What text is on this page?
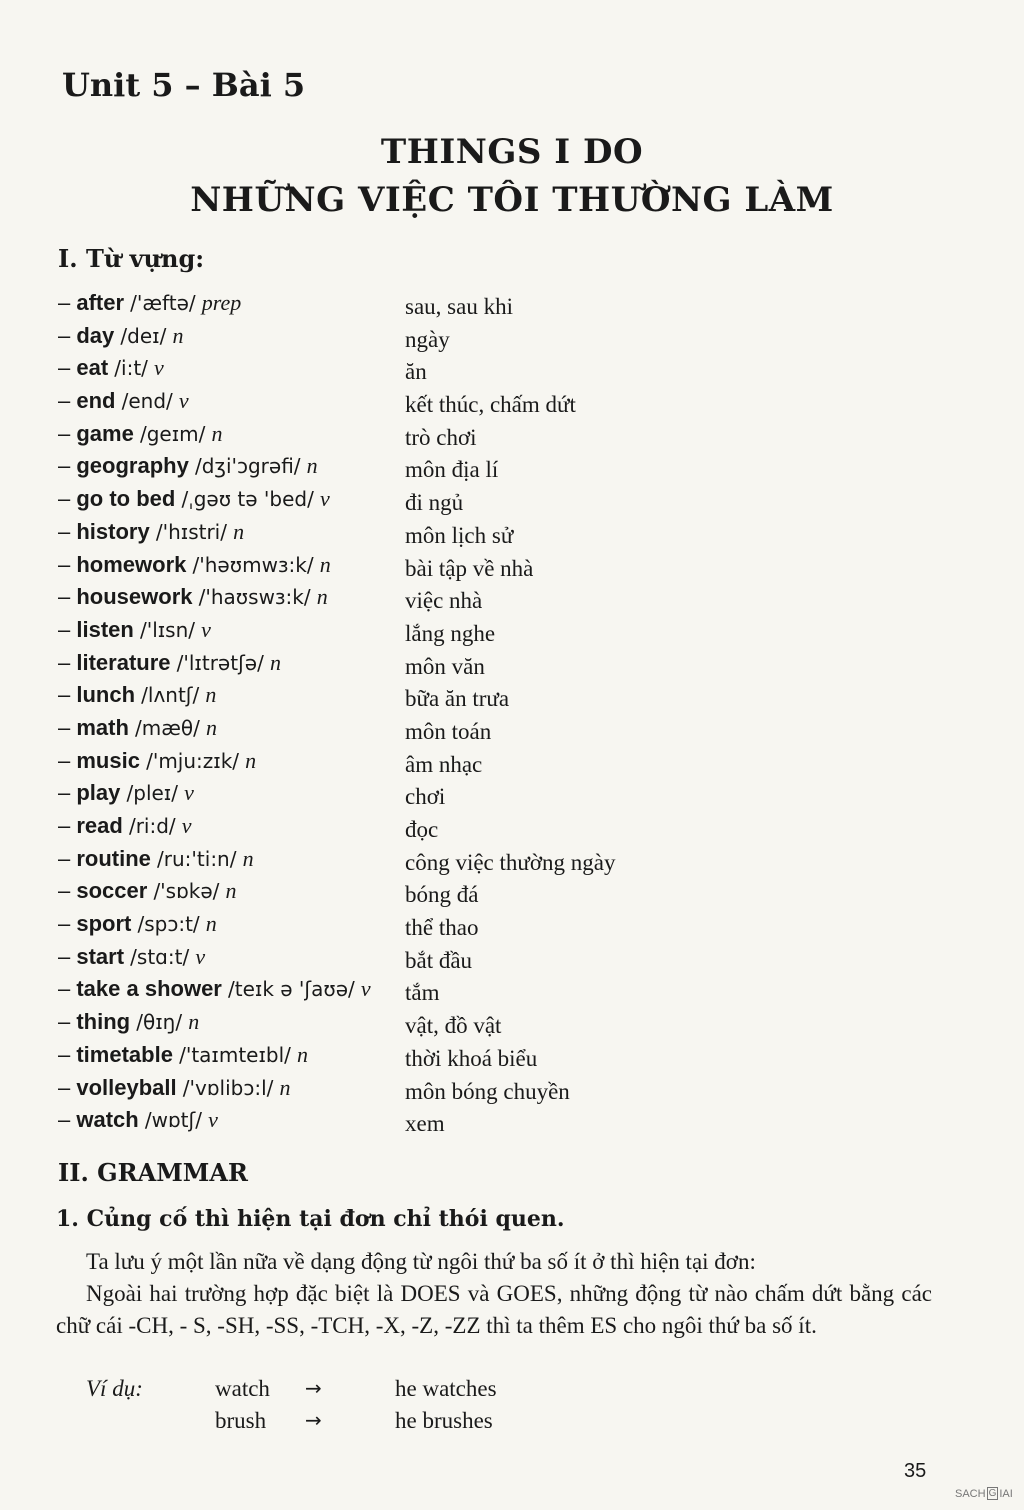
Unit 5 – Bài 5
THINGS I DO
NHỮNG VIỆC TÔI THƯỜNG LÀM
I. Từ vựng:
– after /'æftə/ prep	sau, sau khi
– day /deɪ/ n	ngày
– eat /i:t/ v	ăn
– end /end/ v	kết thúc, chấm dứt
– game /geɪm/ n	trò chơi
– geography /dʒi'ɔgrəfi/ n	môn địa lí
– go to bed /ˌgəʊ tə 'bed/ v	đi ngủ
– history /'hɪstri/ n	môn lịch sử
– homework /'həʊmwɜ:k/ n	bài tập về nhà
– housework /'haʊswɜ:k/ n	việc nhà
– listen /'lɪsn/ v	lắng nghe
– literature /'lɪtrətʃə/ n	môn văn
– lunch /lʌntʃ/ n	bữa ăn trưa
– math /mæθ/ n	môn toán
– music /'mju:zɪk/ n	âm nhạc
– play /pleɪ/ v	chơi
– read /ri:d/ v	đọc
– routine /ru:'ti:n/ n	công việc thường ngày
– soccer /'sɒkə/ n	bóng đá
– sport /spɔ:t/ n	thể thao
– start /stɑ:t/ v	bắt đầu
– take a shower /teɪk ə 'ʃaʊə/ v tắm
– thing /θɪŋ/ n	vật, đồ vật
– timetable /'taɪmteɪbl/ n	thời khoá biểu
– volleyball /'vɒlibɔ:l/ n	môn bóng chuyền
– watch /wɒtʃ/ v	xem
II. GRAMMAR
1. Củng cố thì hiện tại đơn chỉ thói quen.

Ta lưu ý một lần nữa về dạng động từ ngôi thứ ba số ít ở thì hiện tại đơn:

Ngoài hai trường hợp đặc biệt là DOES và GOES, những động từ nào chấm dứt bằng các chữ cái -CH, - S, -SH, -SS, -TCH, -X, -Z, -ZZ thì ta thêm ES cho ngôi thứ ba số ít.

Ví dụ:	watch →	he watches
brush →	he brushes
35
SACH G IAI
